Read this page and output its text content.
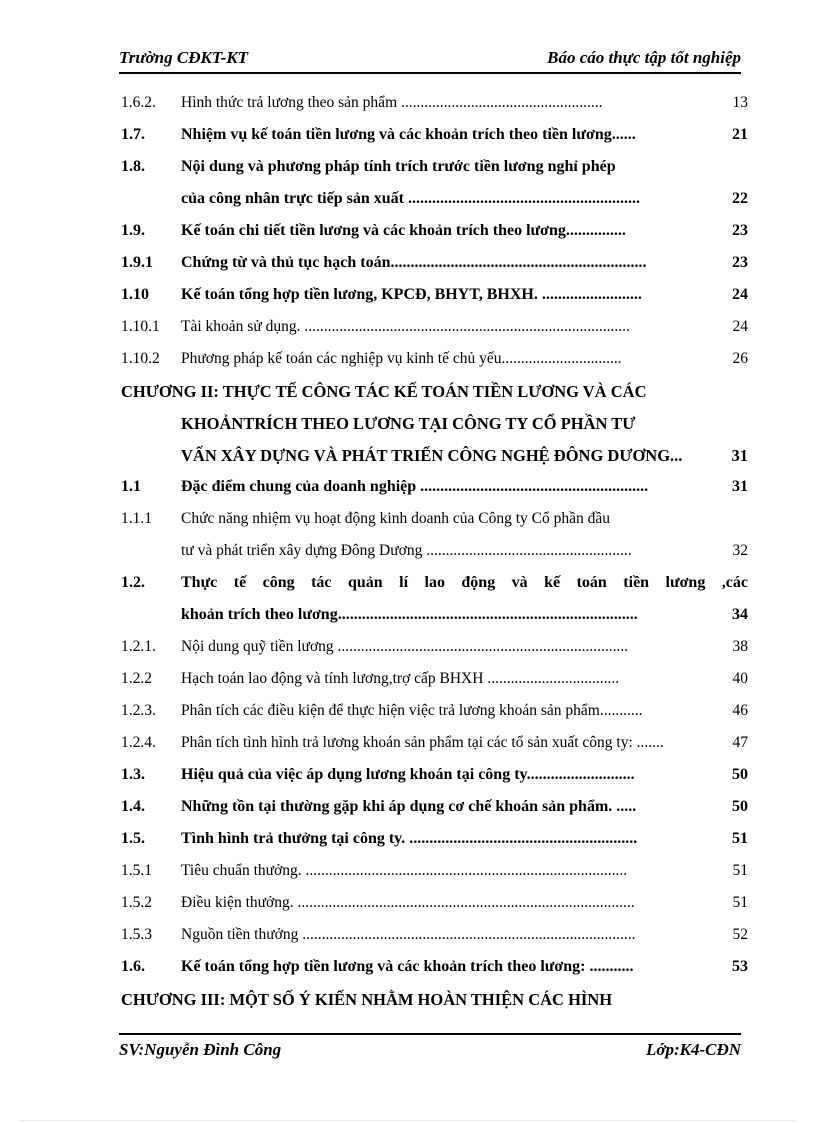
Trường CĐKT-KT	Báo cáo thực tập tốt nghiệp
1.6.2. Hình thức trả lương theo sản phẩm ....................................................	13
1.7. Nhiệm vụ kế toán tiền lương và các khoản trích theo tiền lương......	21
1.8. Nội dung và phương pháp tính trích trước tiền lương nghỉ phép
của công nhân trực tiếp sản xuất ..........................................................	22
1.9. Kế toán chi tiết tiền lương và các khoản trích theo lương...............	23
1.9.1 Chứng từ và thủ tục hạch toán................................................................	23
1.10 Kế toán tổng hợp tiền lương, KPCĐ, BHYT, BHXH. .........................	24
1.10.1 Tài khoản sử dụng. ....................................................................................	24
1.10.2 Phương pháp kế toán các nghiệp vụ kinh tế chủ yếu...............................	26
CHƯƠNG II: THỰC TẾ CÔNG TÁC KẾ TOÁN TIỀN LƯƠNG VÀ CÁC
KHOẢNTRÍCH THEO LƯƠNG TẠI CÔNG TY CỔ PHẦN TƯ
VẤN XÂY DỰNG VÀ PHÁT TRIỂN CÔNG NGHỆ ĐÔNG DƯƠNG...	31
1.1	Đặc điểm chung của doanh nghiệp .........................................................	31
1.1.1 Chức năng nhiệm vụ hoạt động kinh doanh của Công ty Cổ phần đầu
tư và phát triển xây dựng Đông Dương .....................................................	32
1.2. Thực tế công tác quản lí lao động và kế toán tiền lương ,các
khoản trích theo lương...........................................................................	34
1.2.1. Nội dung quỹ tiền lương ...........................................................................	38
1.2.2 Hạch toán lao động và tính lương,trợ cấp BHXH ..................................	40
1.2.3. Phân tích các điều kiện để thực hiện việc trả lương khoán sản phẩm...........	46
1.2.4. Phân tích tình hình trả lương khoán sản phẩm tại các tổ sản xuất công ty: .......	47
1.3. Hiệu quả của việc áp dụng lương khoán tại công ty...........................	50
1.4. Những tồn tại thường gặp khi áp dụng cơ chế khoán sản phẩm. .....	50
1.5. Tình hình trả thưởng tại công ty. .........................................................	51
1.5.1 Tiêu chuẩn thưởng. ...................................................................................	51
1.5.2 Điều kiện thưởng. .......................................................................................	51
1.5.3 Nguồn tiền thưởng ......................................................................................	52
1.6. Kế toán tổng hợp tiền lương và các khoản trích theo lương: ...........	53
CHƯƠNG III: MỘT SỐ Ý KIẾN NHẰM HOÀN THIỆN CÁC HÌNH
SV:Nguyễn Đình Công	Lớp:K4-CĐN
